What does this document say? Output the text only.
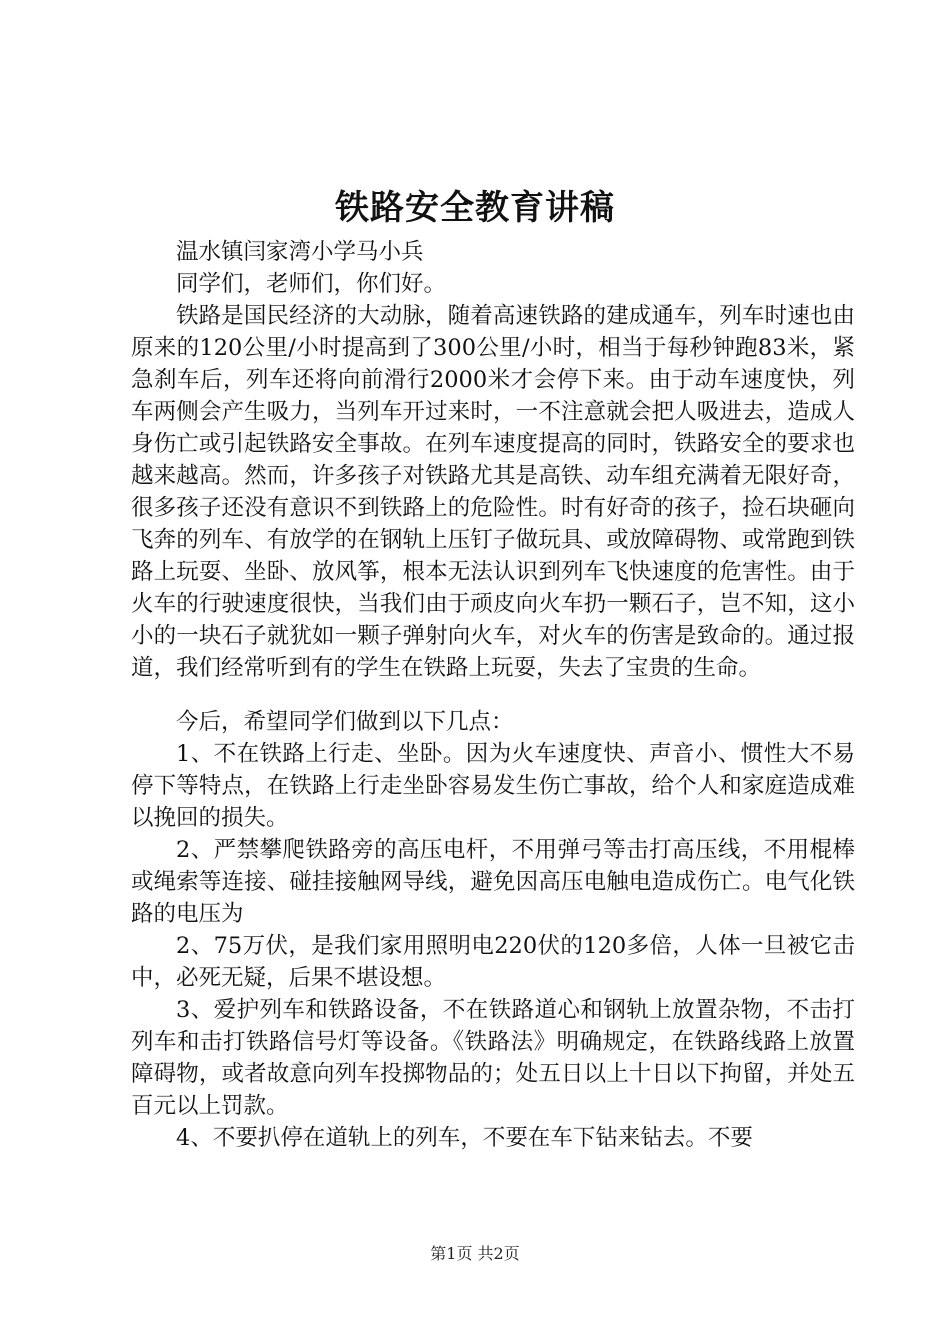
铁路安全教育讲稿

温水镇闫家湾小学马小兵

同学们，老师们，你们好。

铁路是国民经济的大动脉，随着高速铁路的建成通车，列车时速也由原来的120公里/小时提高到了300公里/小时，相当于每秒钟跑83米，紧急刹车后，列车还将向前滑行2000米才会停下来。由于动车速度快，列车两侧会产生吸力，当列车开过来时，一不注意就会把人吸进去，造成人身伤亡或引起铁路安全事故。在列车速度提高的同时，铁路安全的要求也越来越高。然而，许多孩子对铁路尤其是高铁、动车组充满着无限好奇，很多孩子还没有意识不到铁路上的危险性。时有好奇的孩子，捡石块砸向飞奔的列车、有放学的在钢轨上压钉子做玩具、或放障碍物、或常跑到铁路上玩耍、坐卧、放风筝，根本无法认识到列车飞快速度的危害性。由于火车的行驶速度很快，当我们由于顽皮向火车扔一颗石子，岂不知，这小小的一块石子就犹如一颗子弹射向火车，对火车的伤害是致命的。通过报道，我们经常听到有的学生在铁路上玩耍，失去了宝贵的生命。

今后，希望同学们做到以下几点：

1、不在铁路上行走、坐卧。因为火车速度快、声音小、惯性大不易停下等特点，在铁路上行走坐卧容易发生伤亡事故，给个人和家庭造成难以挽回的损失。

2、严禁攀爬铁路旁的高压电杆，不用弹弓等击打高压线，不用棍棒或绳索等连接、碰挂接触网导线，避免因高压电触电造成伤亡。电气化铁路的电压为

2、75万伏，是我们家用照明电220伏的120多倍，人体一旦被它击中，必死无疑，后果不堪设想。

3、爱护列车和铁路设备，不在铁路道心和钢轨上放置杂物，不击打列车和击打铁路信号灯等设备。《铁路法》明确规定，在铁路线路上放置障碍物，或者故意向列车投掷物品的；处五日以上十日以下拘留，并处五百元以上罚款。

4、不要扒停在道轨上的列车，不要在车下钻来钻去。不要

第1页 共2页
